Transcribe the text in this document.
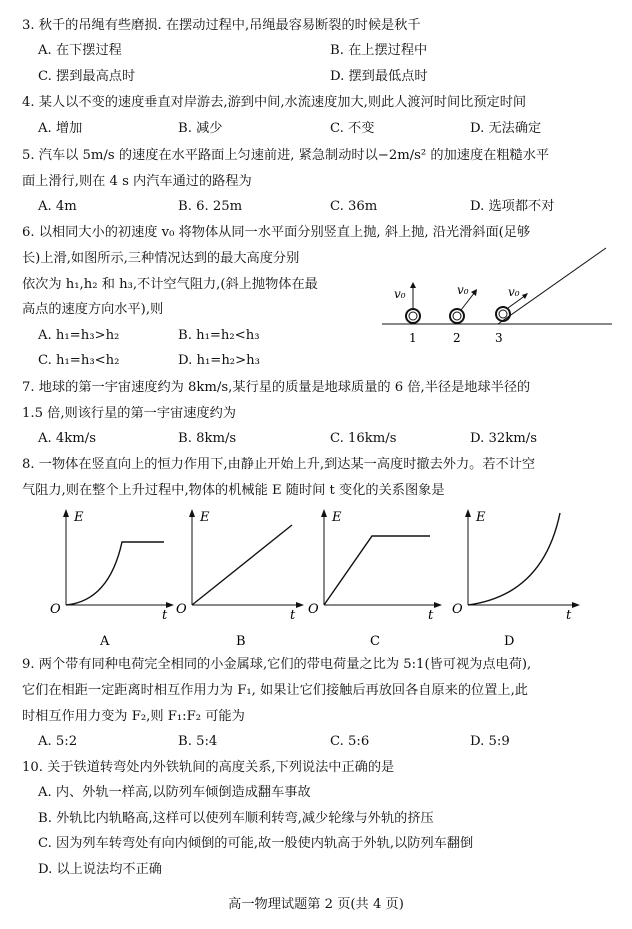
3. 秋千的吊绳有些磨损. 在摆动过程中,吊绳最容易断裂的时候是秋千
A. 在下摆过程	B. 在上摆过程中
C. 摆到最高点时	D. 摆到最低点时
4. 某人以不变的速度垂直对岸游去,游到中间,水流速度加大,则此人渡河时间比预定时间
A. 增加	B. 减少	C. 不变	D. 无法确定
5. 汽车以 5m/s 的速度在水平路面上匀速前进, 紧急制动时以−2m/s² 的加速度在粗糙水平
面上滑行,则在 4 s 内汽车通过的路程为
A. 4m	B. 6. 25m	C. 36m	D. 选项都不对
6. 以相同大小的初速度 v₀ 将物体从同一水平面分别竖直上抛, 斜上抛, 沿光滑斜面(足够
长)上滑,如图所示,三种情况达到的最大高度分别
依次为 h₁,h₂ 和 h₃,不计空气阻力,(斜上抛物体在最
高点的速度方向水平),则
A. h₁=h₃>h₂	B. h₁=h₂<h₃
C. h₁=h₃<h₂	D. h₁=h₂>h₃
v₀	v₀	v₀
1	2	3
7. 地球的第一宇宙速度约为 8km/s,某行星的质量是地球质量的 6 倍,半径是地球半径的
1.5 倍,则该行星的第一宇宙速度约为
A. 4km/s	B. 8km/s	C. 16km/s	D. 32km/s
8. 一物体在竖直向上的恒力作用下,由静止开始上升,到达某一高度时撤去外力。若不计空
气阻力,则在整个上升过程中,物体的机械能 E 随时间 t 变化的关系图象是
E
O	t
A
E
O	t
B
E
O	t
C
E
O	t
D
9. 两个带有同种电荷完全相同的小金属球,它们的带电荷量之比为 5:1(皆可视为点电荷),
它们在相距一定距离时相互作用力为 F₁, 如果让它们接触后再放回各自原来的位置上,此
时相互作用力变为 F₂,则 F₁:F₂ 可能为
A. 5:2	B. 5:4	C. 5:6	D. 5:9
10. 关于铁道转弯处内外铁轨间的高度关系,下列说法中正确的是
A. 内、外轨一样高,以防列车倾倒造成翻车事故
B. 外轨比内轨略高,这样可以使列车顺利转弯,减少轮缘与外轨的挤压
C. 因为列车转弯处有向内倾倒的可能,故一般使内轨高于外轨,以防列车翻倒
D. 以上说法均不正确
高一物理试题第 2 页(共 4 页)
